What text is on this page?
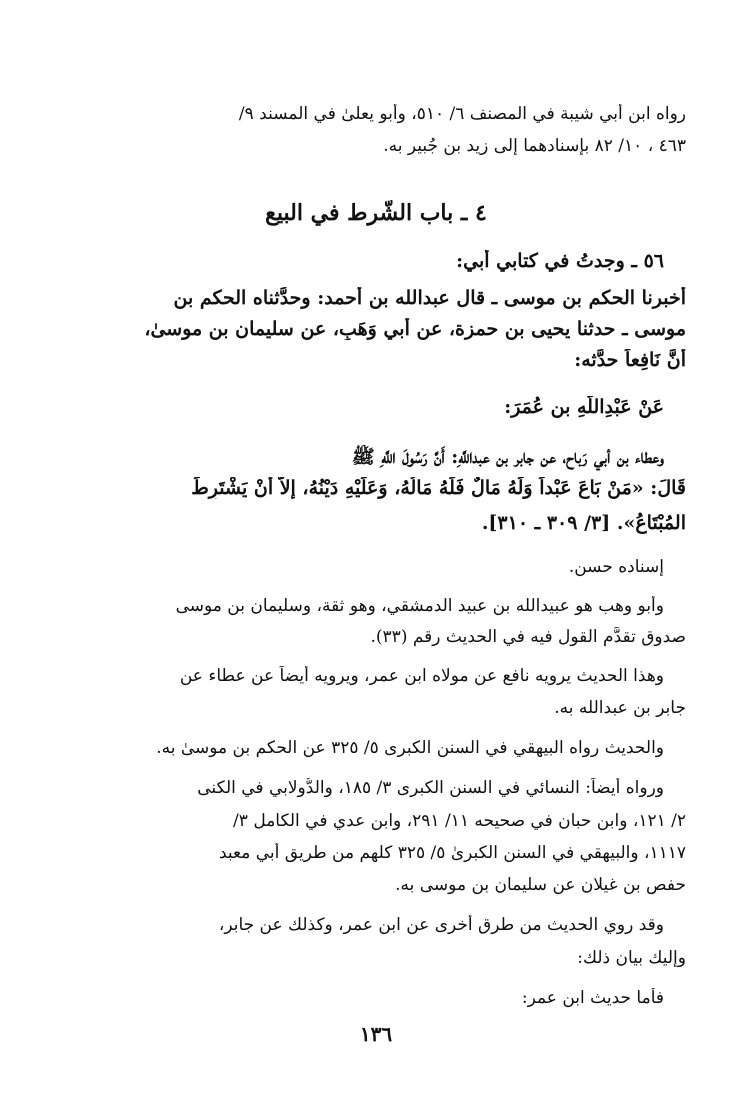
رواه ابن أبي شيبة في المصنف ٦/ ٥١٠، وأبو يعلىٰ في المسند ٩/
٤٦٣ ، ١٠/ ٨٢ بإسنادهما إلى زيد بن جُبير به.
٤ ـ باب الشّرط في البيع
٥٦ ـ وجدتُ في كتابي أبي:
أخبرنا الحكم بن موسى ـ قال عبدالله بن أحمد: وحدَّثناه الحكم بن
موسى ـ حدثنا يحيى بن حمزة، عن أبي وَهَبٍ، عن سليمان بن موسىٰ،
أَنَّ نَافِعاً حدَّثه:
عَنْ عَبْدِاللَّهِ بن عُمَرَ:
وعطاء بن أبي رَباح، عن جابر بن عبداللَّهِ: أَنَّ رَسُولَ اللَّهِ ﷺ
قَالَ: «مَنْ بَاعَ عَبْداً وَلَهُ مَالٌ فَلَهُ مَالُهُ، وَعَلَيْهِ دَيْنُهُ، إِلاَّ أَنْ يَشْتَرِطَ
المُبْتَاعُ». [٣/ ٣٠٩ ـ ٣١٠].
إسناده حسن.
وأبو وهب هو عبيدالله بن عبيد الدمشقي، وهو ثقة، وسليمان بن موسى
صدوق تقدَّم القول فيه في الحديث رقم (٣٣).
وهذا الحديث يرويه نافع عن مولاه ابن عمر، ويرويه أيضاً عن عطاء عن
جابر بن عبدالله به.
والحديث رواه البيهقي في السنن الكبرى ٥/ ٣٢٥ عن الحكم بن موسىٰ به.
ورواه أيضاً: النسائي في السنن الكبرى ٣/ ١٨٥، والدُّولابي في الكنى
٢/ ١٢١، وابن حبان في صحيحه ١١/ ٢٩١، وابن عدي في الكامل ٣/
١١١٧، والبيهقي في السنن الكبرىٰ ٥/ ٣٢٥ كلهم من طريق أبي معبد
حفص بن غيلان عن سليمان بن موسى به.
وقد روي الحديث من طرق أخرى عن ابن عمر، وكذلك عن جابر،
وإليك بيان ذلك:
فأما حديث ابن عمر:
١٣٦
